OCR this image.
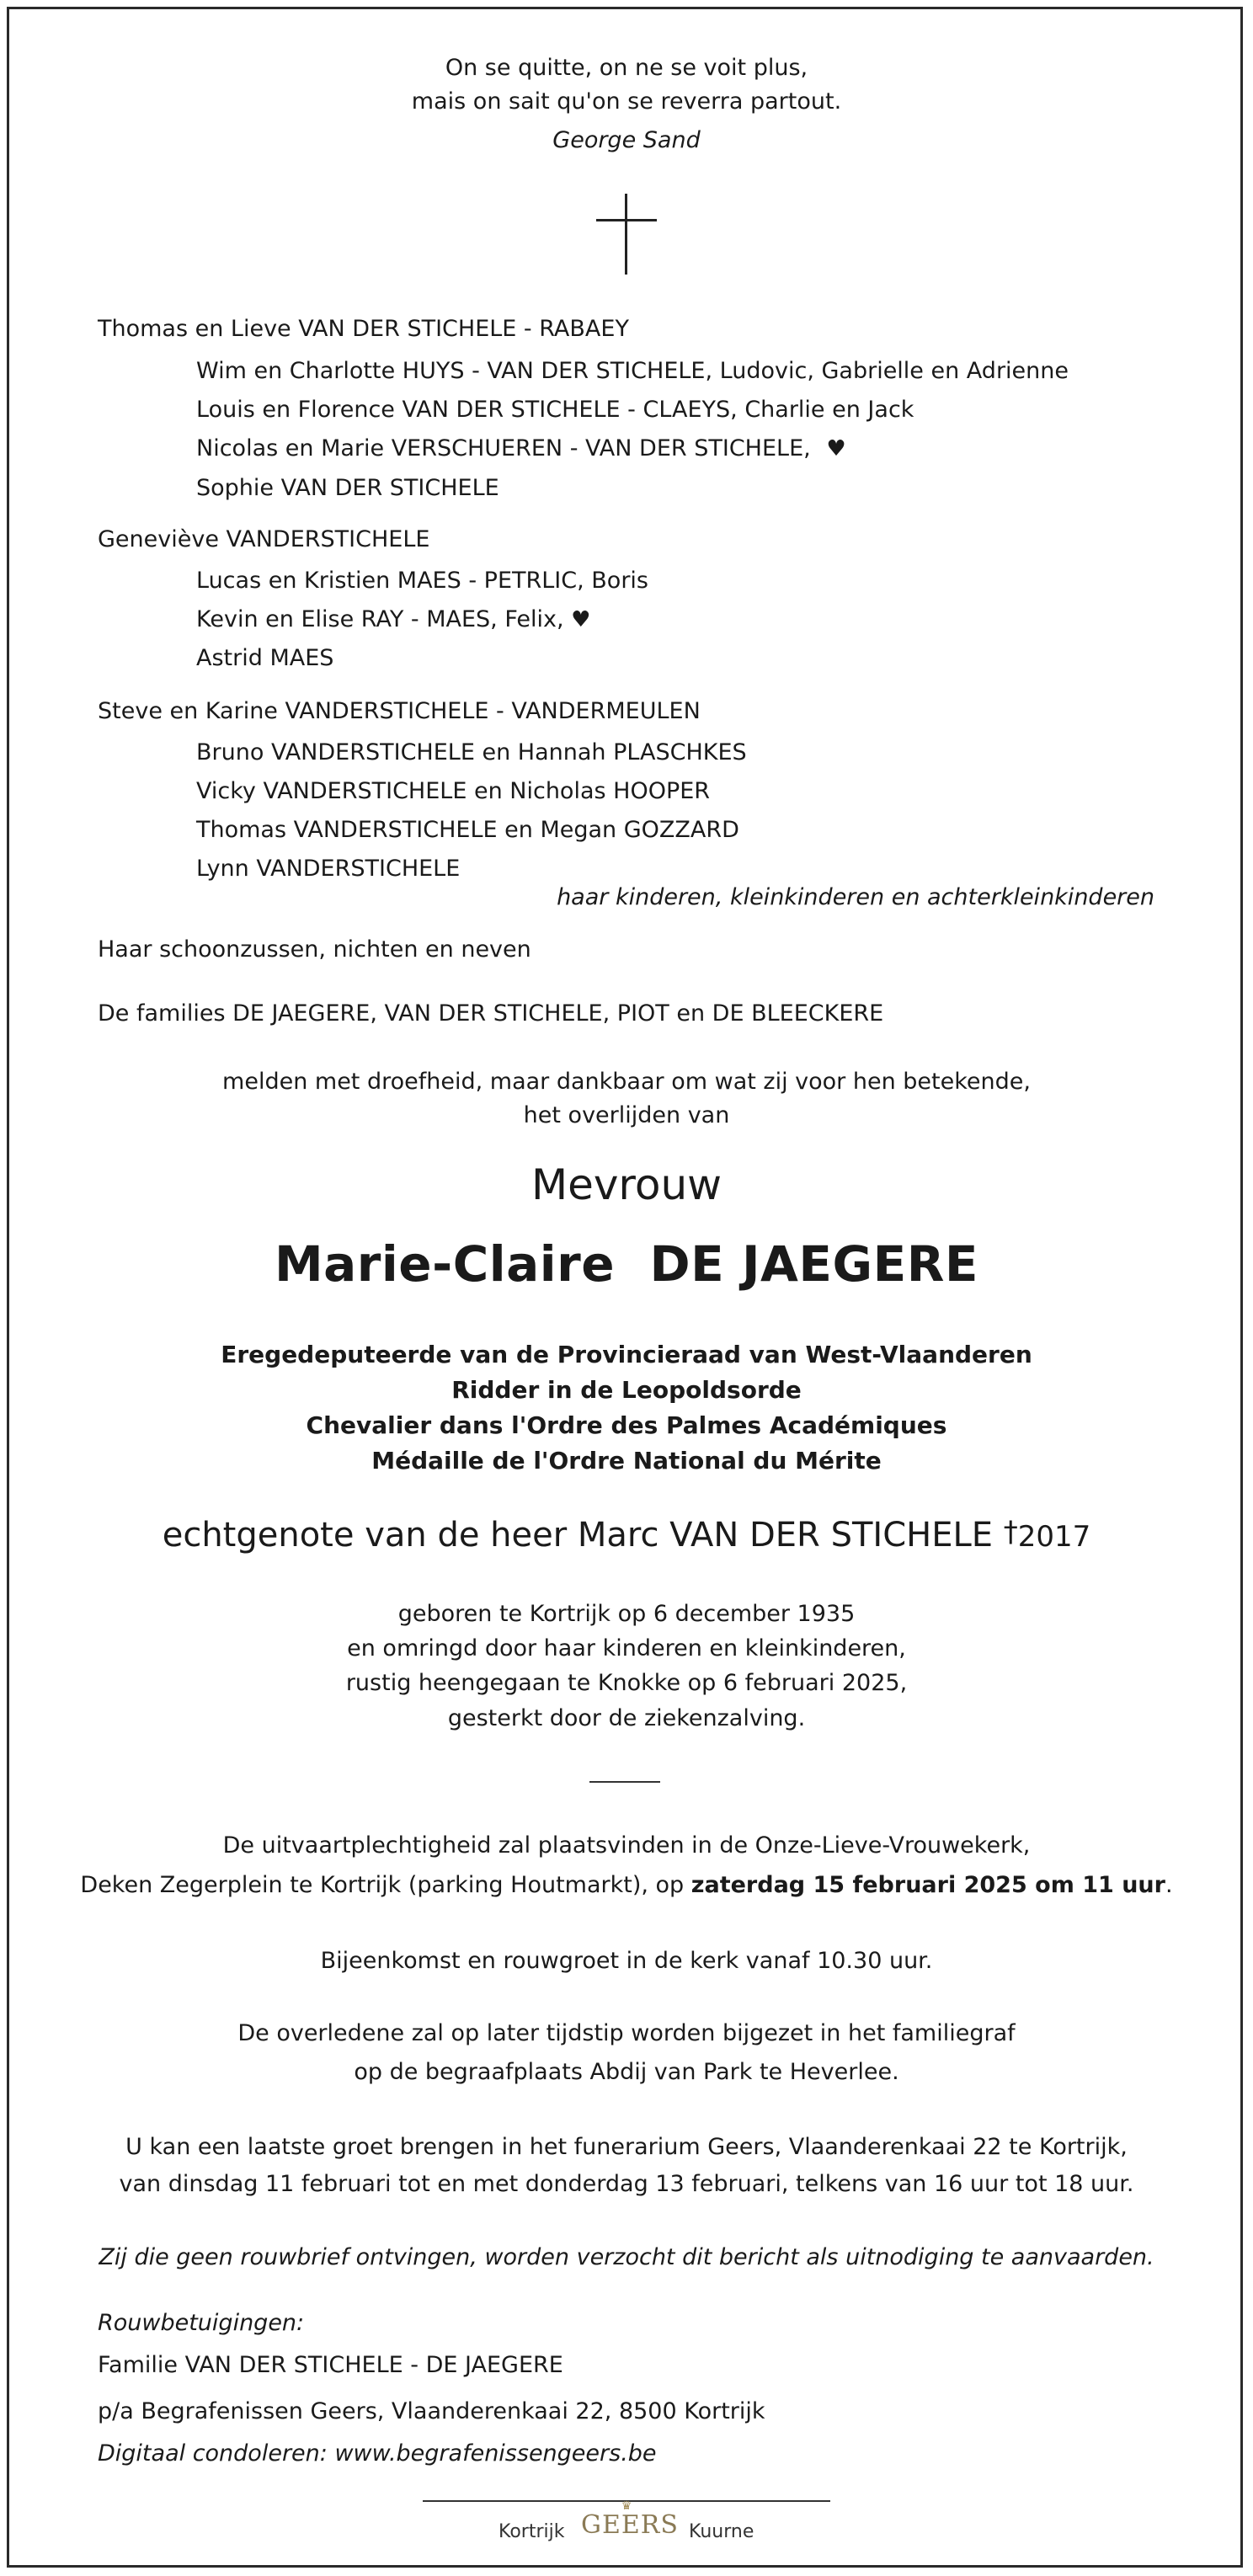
On se quitte, on ne se voit plus,
mais on sait qu'on se reverra partout.
George Sand
Thomas en Lieve VAN DER STICHELE - RABAEY
Wim en Charlotte HUYS - VAN DER STICHELE, Ludovic, Gabrielle en Adrienne
Louis en Florence VAN DER STICHELE - CLAEYS, Charlie en Jack
Nicolas en Marie VERSCHUEREN - VAN DER STICHELE, ♥
Sophie VAN DER STICHELE
Geneviève VANDERSTICHELE
Lucas en Kristien MAES - PETRLIC, Boris
Kevin en Elise RAY - MAES, Felix, ♥
Astrid MAES
Steve en Karine VANDERSTICHELE - VANDERMEULEN
Bruno VANDERSTICHELE en Hannah PLASCHKES
Vicky VANDERSTICHELE en Nicholas HOOPER
Thomas VANDERSTICHELE en Megan GOZZARD
Lynn VANDERSTICHELE
haar kinderen, kleinkinderen en achterkleinkinderen
Haar schoonzussen, nichten en neven
De families DE JAEGERE, VAN DER STICHELE, PIOT en DE BLEECKERE
melden met droefheid, maar dankbaar om wat zij voor hen betekende,
het overlijden van
Mevrouw
Marie-Claire  DE JAEGERE
Eregedeputeerde van de Provincieraad van West-Vlaanderen
Ridder in de Leopoldsorde
Chevalier dans l'Ordre des Palmes Académiques
Médaille de l'Ordre National du Mérite
echtgenote van de heer Marc VAN DER STICHELE †2017
geboren te Kortrijk op 6 december 1935
en omringd door haar kinderen en kleinkinderen,
rustig heengegaan te Knokke op 6 februari 2025,
gesterkt door de ziekenzalving.
De uitvaartplechtigheid zal plaatsvinden in de Onze-Lieve-Vrouwekerk,
Deken Zegerplein te Kortrijk (parking Houtmarkt), op zaterdag 15 februari 2025 om 11 uur.
Bijeenkomst en rouwgroet in de kerk vanaf 10.30 uur.
De overledene zal op later tijdstip worden bijgezet in het familiegraf
op de begraafplaats Abdij van Park te Heverlee.
U kan een laatste groet brengen in het funerarium Geers, Vlaanderenkaai 22 te Kortrijk,
van dinsdag 11 februari tot en met donderdag 13 februari, telkens van 16 uur tot 18 uur.
Zij die geen rouwbrief ontvingen, worden verzocht dit bericht als uitnodiging te aanvaarden.
Rouwbetuigingen:
Familie VAN DER STICHELE - DE JAEGERE
p/a Begrafenissen Geers, Vlaanderenkaai 22, 8500 Kortrijk
Digitaal condoleren: www.begrafenissengeers.be
Kortrijk
♛
GEERS Kuurne
